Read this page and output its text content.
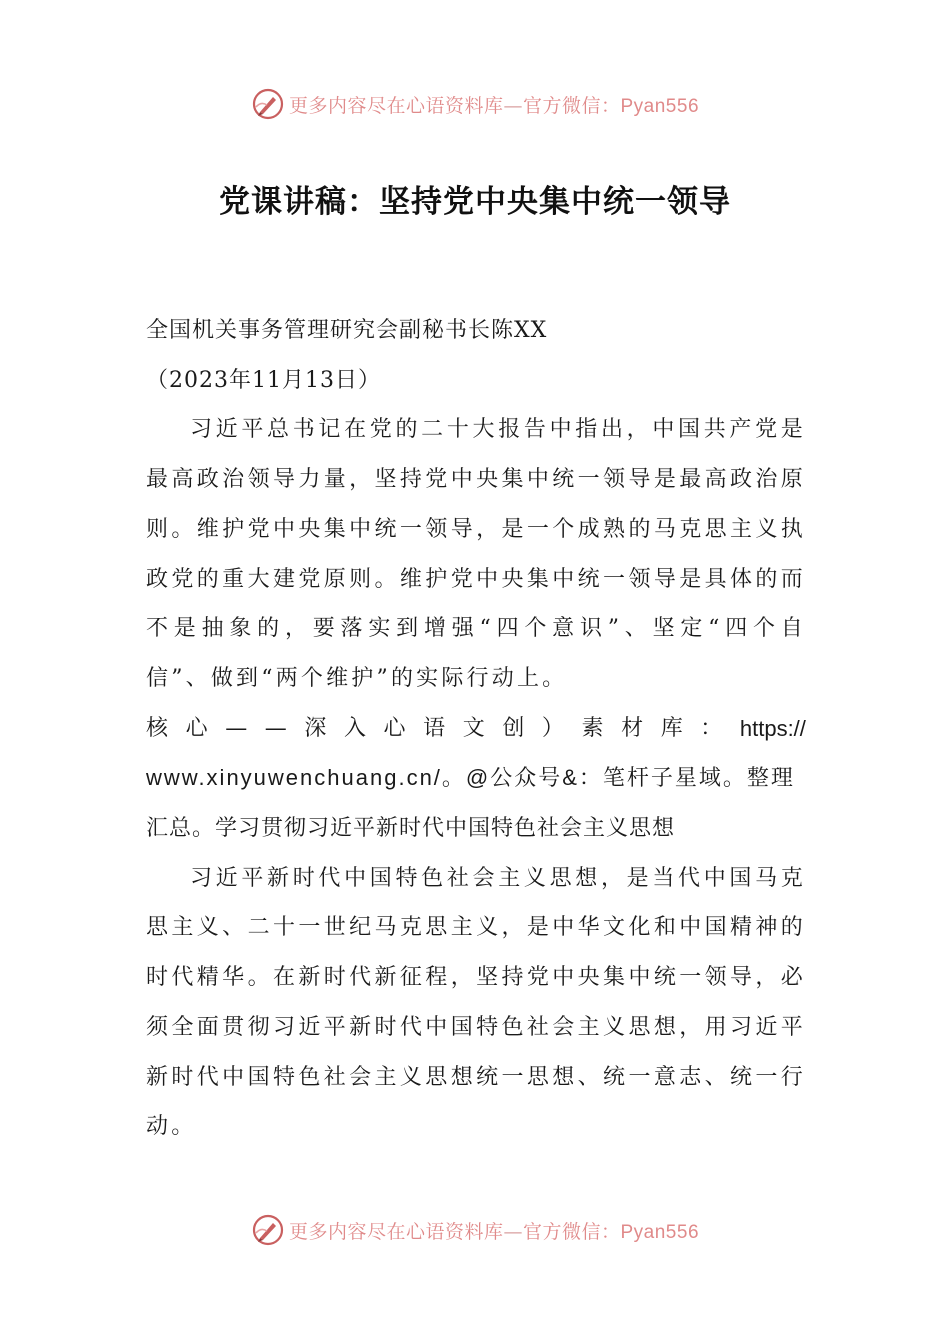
更多内容尽在心语资料库—官方微信：Pyan556
党课讲稿：坚持党中央集中统一领导

全国机关事务管理研究会副秘书长陈XX

（2023年11月13日）

习近平总书记在党的二十大报告中指出，中国共产党是最高政治领导力量，坚持党中央集中统一领导是最高政治原则。维护党中央集中统一领导，是一个成熟的马克思主义执政党的重大建党原则。维护党中央集中统一领导是具体的而不是抽象的，要落实到增强“四个意识”、坚定“四个自信”、做到“两个维护”的实际行动上。

核 心 — — 深 入 心 语 文 创 ） 素 材 库 ： https://

www.xinyuwenchuang.cn/。@公众号&：笔杆子星域。整理

汇总。学习贯彻习近平新时代中国特色社会主义思想

习近平新时代中国特色社会主义思想，是当代中国马克思主义、二十一世纪马克思主义，是中华文化和中国精神的时代精华。在新时代新征程，坚持党中央集中统一领导，必须全面贯彻习近平新时代中国特色社会主义思想，用习近平新时代中国特色社会主义思想统一思想、统一意志、统一行动。

更多内容尽在心语资料库—官方微信：Pyan556
